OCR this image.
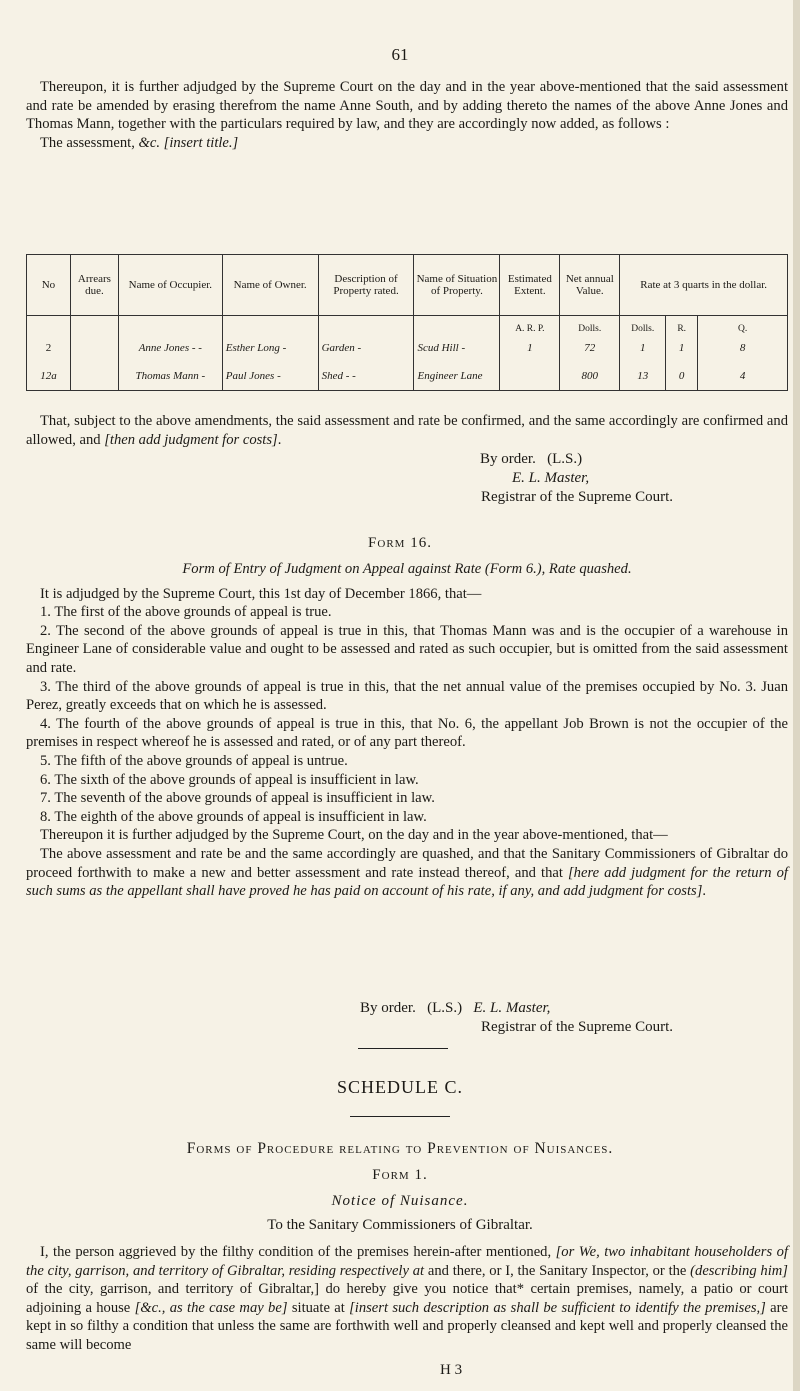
61

Thereupon, it is further adjudged by the Supreme Court on the day and in the year above-mentioned that the said assessment and rate be amended by erasing therefrom the name Anne South, and by adding thereto the names of the above Anne Jones and Thomas Mann, together with the particulars required by law, and they are accordingly now added, as follows :

The assessment, &c. [insert title.]

No	Arrears due.	Name of Occupier.	Name of Owner.	Description of Property rated.	Name of Situation of Property.	Estimated Extent.	Net annual Value.	Rate at 3 quarts in the dollar.		
						A. R. P.	Dolls.	Dolls.	R.	Q.
2		Anne Jones - -	Esther Long -	Garden -	Scud Hill -	1	72	1	1	8
12a		Thomas Mann -	Paul Jones -	Shed - -	Engineer Lane		800	13	0	4

That, subject to the above amendments, the said assessment and rate be confirmed, and the same accordingly are confirmed and allowed, and [then add judgment for costs].

By order. (L.S.)
E. L. Master,
Registrar of the Supreme Court.
Form 16.

Form of Entry of Judgment on Appeal against Rate (Form 6.), Rate quashed.

It is adjudged by the Supreme Court, this 1st day of December 1866, that—

1. The first of the above grounds of appeal is true.

2. The second of the above grounds of appeal is true in this, that Thomas Mann was and is the occupier of a warehouse in Engineer Lane of considerable value and ought to be assessed and rated as such occupier, but is omitted from the said assessment and rate.

3. The third of the above grounds of appeal is true in this, that the net annual value of the premises occupied by No. 3. Juan Perez, greatly exceeds that on which he is assessed.

4. The fourth of the above grounds of appeal is true in this, that No. 6, the appellant Job Brown is not the occupier of the premises in respect whereof he is assessed and rated, or of any part thereof.

5. The fifth of the above grounds of appeal is untrue.

6. The sixth of the above grounds of appeal is insufficient in law.

7. The seventh of the above grounds of appeal is insufficient in law.

8. The eighth of the above grounds of appeal is insufficient in law.

Thereupon it is further adjudged by the Supreme Court, on the day and in the year above-mentioned, that—

The above assessment and rate be and the same accordingly are quashed, and that the Sanitary Commissioners of Gibraltar do proceed forthwith to make a new and better assessment and rate instead thereof, and that [here add judgment for the return of such sums as the appellant shall have proved he has paid on account of his rate, if any, and add judgment for costs].

By order. (L.S.) E. L. Master,
Registrar of the Supreme Court.
SCHEDULE C.
Forms of Procedure relating to Prevention of Nuisances.
Form 1.
Notice of Nuisance.
To the Sanitary Commissioners of Gibraltar.

I, the person aggrieved by the filthy condition of the premises herein-after mentioned, [or We, two inhabitant householders of the city, garrison, and territory of Gibraltar, residing respectively at and there, or I, the Sanitary Inspector, or the (describing him] of the city, garrison, and territory of Gibraltar,] do hereby give you notice that* certain premises, namely, a patio or court adjoining a house [&c., as the case may be] situate at [insert such description as shall be sufficient to identify the premises,] are kept in so filthy a condition that unless the same are forthwith well and properly cleansed and kept well and properly cleansed the same will become

H 3
